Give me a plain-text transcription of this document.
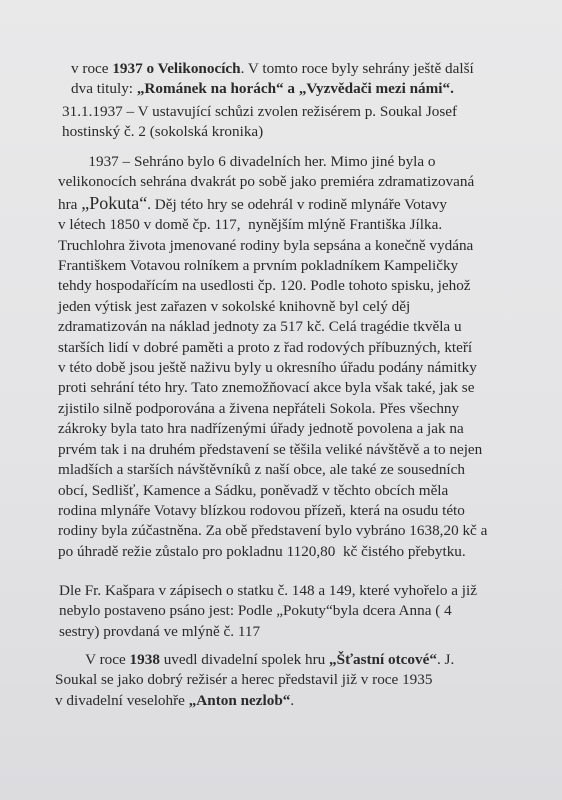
v roce 1937 o Velikonocích. V tomto roce byly sehrány ještě další
dva tituly: „Románek na horách“ a „Vyzvědači mezi námi“.
31.1.1937 – V ustavující schůzi zvolen režisérem p. Soukal Josef
hostinský č. 2 (sokolská kronika)
1937 – Sehráno bylo 6 divadelních her. Mimo jiné byla o
velikonocích sehrána dvakrát po sobě jako premiéra zdramatizovaná
hra „Pokuta“. Děj této hry se odehrál v rodině mlynáře Votavy
v létech 1850 v domě čp. 117,  nynějším mlýně Františka Jílka.
Truchlohra života jmenované rodiny byla sepsána a konečně vydána
Františkem Votavou rolníkem a prvním pokladníkem Kampeličky
tehdy hospodařícím na usedlosti čp. 120. Podle tohoto spisku, jehož
jeden výtisk jest zařazen v sokolské knihovně byl celý děj
zdramatizován na náklad jednoty za 517 kč. Celá tragédie tkvěla u
starších lidí v dobré paměti a proto z řad rodových příbuzných, kteří
v této době jsou ještě naživu byly u okresního úřadu podány námitky
proti sehrání této hry. Tato znemožňovací akce byla však také, jak se
zjistilo silně podporována a živena nepřáteli Sokola. Přes všechny
zákroky byla tato hra nadřízenými úřady jednotě povolena a jak na
prvém tak i na druhém představení se těšila veliké návštěvě a to nejen
mladších a starších návštěvníků z naší obce, ale také ze sousedních
obcí, Sedlišť, Kamence a Sádku, poněvadž v těchto obcích měla
rodina mlynáře Votavy blízkou rodovou přízeň, která na osudu této
rodiny byla zúčastněna. Za obě představení bylo vybráno 1638,20 kč a
po úhradě režie zůstalo pro pokladnu 1120,80  kč čistého přebytku.
Dle Fr. Kašpara v zápisech o statku č. 148 a 149, které vyhořelo a již
nebylo postaveno psáno jest: Podle „Pokuty“byla dcera Anna ( 4
sestry) provdaná ve mlýně č. 117
V roce 1938 uvedl divadelní spolek hru „Šťastní otcové“. J.
Soukal se jako dobrý režisér a herec představil již v roce 1935
v divadelní veselohře „Anton nezlob“.
